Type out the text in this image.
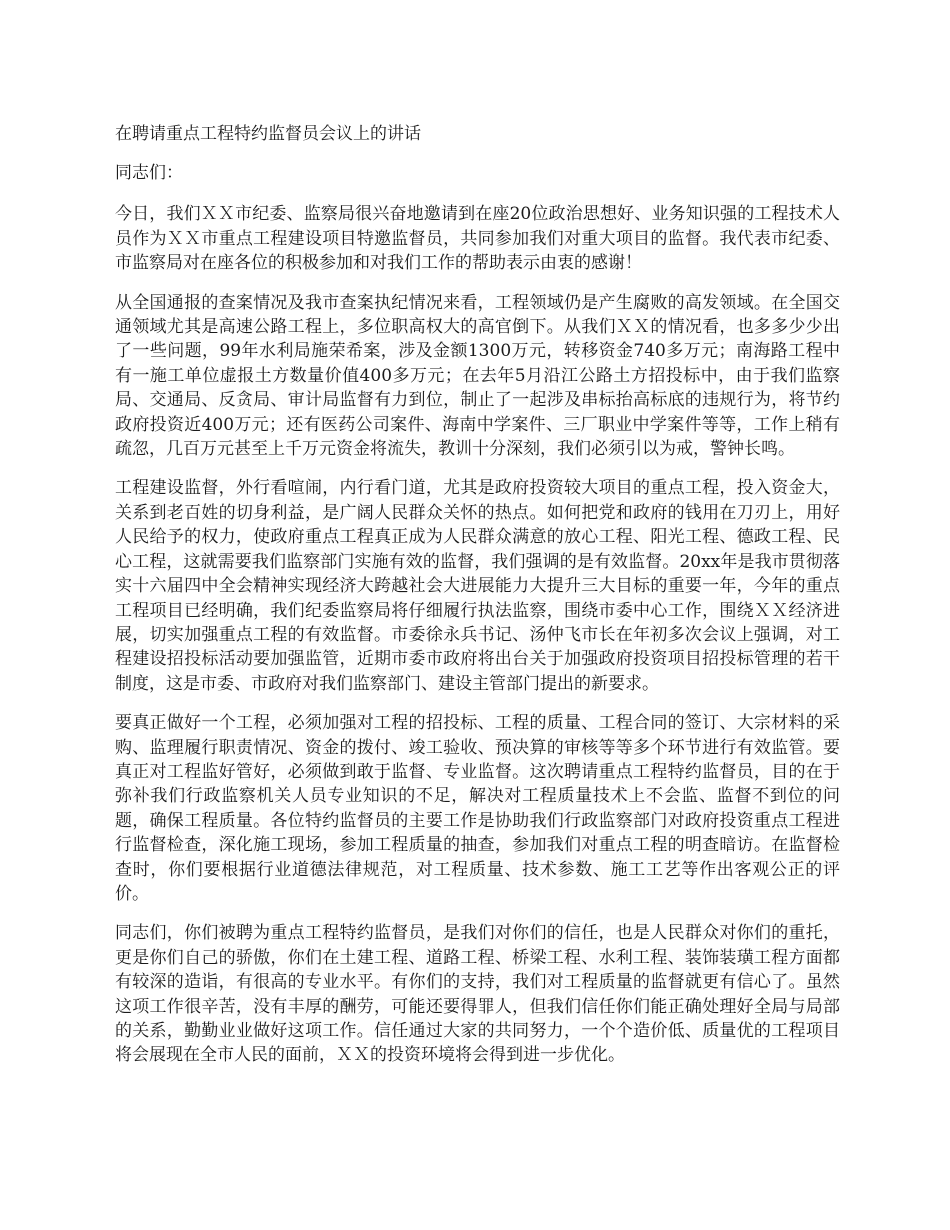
在聘请重点工程特约监督员会议上的讲话
同志们：

今日，我们ＸＸ市纪委、监察局很兴奋地邀请到在座20位政治思想好、业务知识强的工程技术人员作为ＸＸ市重点工程建设项目特邀监督员，共同参加我们对重大项目的监督。我代表市纪委、市监察局对在座各位的积极参加和对我们工作的帮助表示由衷的感谢！

从全国通报的查案情况及我市查案执纪情况来看，工程领域仍是产生腐败的高发领域。在全国交通领域尤其是高速公路工程上，多位职高权大的高官倒下。从我们ＸＸ的情况看，也多多少少出了一些问题，99年水利局施荣希案，涉及金额1300万元，转移资金740多万元；南海路工程中有一施工单位虚报土方数量价值400多万元；在去年5月沿江公路土方招投标中，由于我们监察局、交通局、反贪局、审计局监督有力到位，制止了一起涉及串标抬高标底的违规行为，将节约政府投资近400万元；还有医药公司案件、海南中学案件、三厂职业中学案件等等，工作上稍有疏忽，几百万元甚至上千万元资金将流失，教训十分深刻，我们必须引以为戒，警钟长鸣。

工程建设监督，外行看喧闹，内行看门道，尤其是政府投资较大项目的重点工程，投入资金大，关系到老百姓的切身利益，是广阔人民群众关怀的热点。如何把党和政府的钱用在刀刃上，用好人民给予的权力，使政府重点工程真正成为人民群众满意的放心工程、阳光工程、德政工程、民心工程，这就需要我们监察部门实施有效的监督，我们强调的是有效监督。20xx年是我市贯彻落实十六届四中全会精神实现经济大跨越社会大进展能力大提升三大目标的重要一年，今年的重点工程项目已经明确，我们纪委监察局将仔细履行执法监察，围绕市委中心工作，围绕ＸＸ经济进展，切实加强重点工程的有效监督。市委徐永兵书记、汤仲飞市长在年初多次会议上强调，对工程建设招投标活动要加强监管，近期市委市政府将出台关于加强政府投资项目招投标管理的若干制度，这是市委、市政府对我们监察部门、建设主管部门提出的新要求。

要真正做好一个工程，必须加强对工程的招投标、工程的质量、工程合同的签订、大宗材料的采购、监理履行职责情况、资金的拨付、竣工验收、预决算的审核等等多个环节进行有效监管。要真正对工程监好管好，必须做到敢于监督、专业监督。这次聘请重点工程特约监督员，目的在于弥补我们行政监察机关人员专业知识的不足，解决对工程质量技术上不会监、监督不到位的问题，确保工程质量。各位特约监督员的主要工作是协助我们行政监察部门对政府投资重点工程进行监督检查，深化施工现场，参加工程质量的抽查，参加我们对重点工程的明查暗访。在监督检查时，你们要根据行业道德法律规范，对工程质量、技术参数、施工工艺等作出客观公正的评价。

同志们，你们被聘为重点工程特约监督员，是我们对你们的信任，也是人民群众对你们的重托，更是你们自己的骄傲，你们在土建工程、道路工程、桥梁工程、水利工程、装饰装璜工程方面都有较深的造诣，有很高的专业水平。有你们的支持，我们对工程质量的监督就更有信心了。虽然这项工作很辛苦，没有丰厚的酬劳，可能还要得罪人，但我们信任你们能正确处理好全局与局部的关系，勤勤业业做好这项工作。信任通过大家的共同努力，一个个造价低、质量优的工程项目将会展现在全市人民的面前，ＸＸ的投资环境将会得到进一步优化。
